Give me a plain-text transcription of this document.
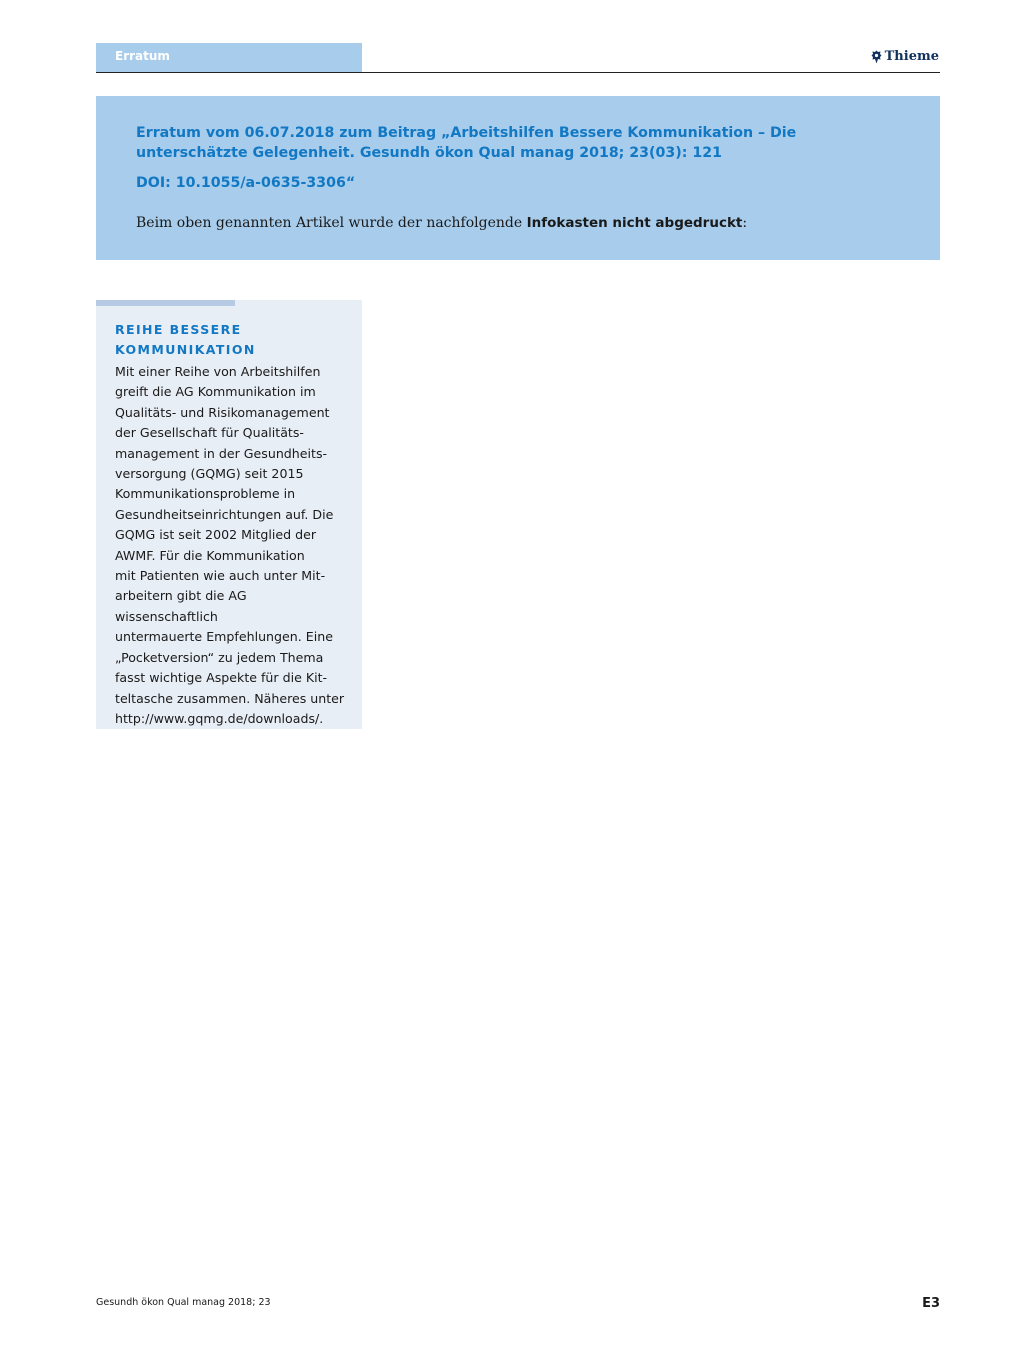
Erratum	Thieme

Erratum vom 06.07.2018 zum Beitrag „Arbeitshilfen Bessere Kommunikation – Die unterschätzte Gelegenheit. Gesundh ökon Qual manag 2018; 23(03): 121

DOI: 10.1055/a-0635-3306“

Beim oben genannten Artikel wurde der nachfolgende Infokasten nicht abgedruckt:

REIHE BESSERE KOMMUNIKATION

Mit einer Reihe von Arbeitshilfen
greift die AG Kommunikation im
Qualitäts- und Risikomanagement
der Gesellschaft für Qualitäts-
management in der Gesundheits-
versorgung (GQMG) seit 2015
Kommunikationsprobleme in
Gesundheitseinrichtungen auf. Die
GQMG ist seit 2002 Mitglied der
AWMF. Für die Kommunikation
mit Patienten wie auch unter Mit-
arbeitern gibt die AG wissenschaftlich
untermauerte Empfehlungen. Eine
„Pocketversion“ zu jedem Thema
fasst wichtige Aspekte für die Kit-
teltasche zusammen. Näheres unter
http://www.gqmg.de/downloads/.

Gesundh ökon Qual manag 2018; 23	E3
